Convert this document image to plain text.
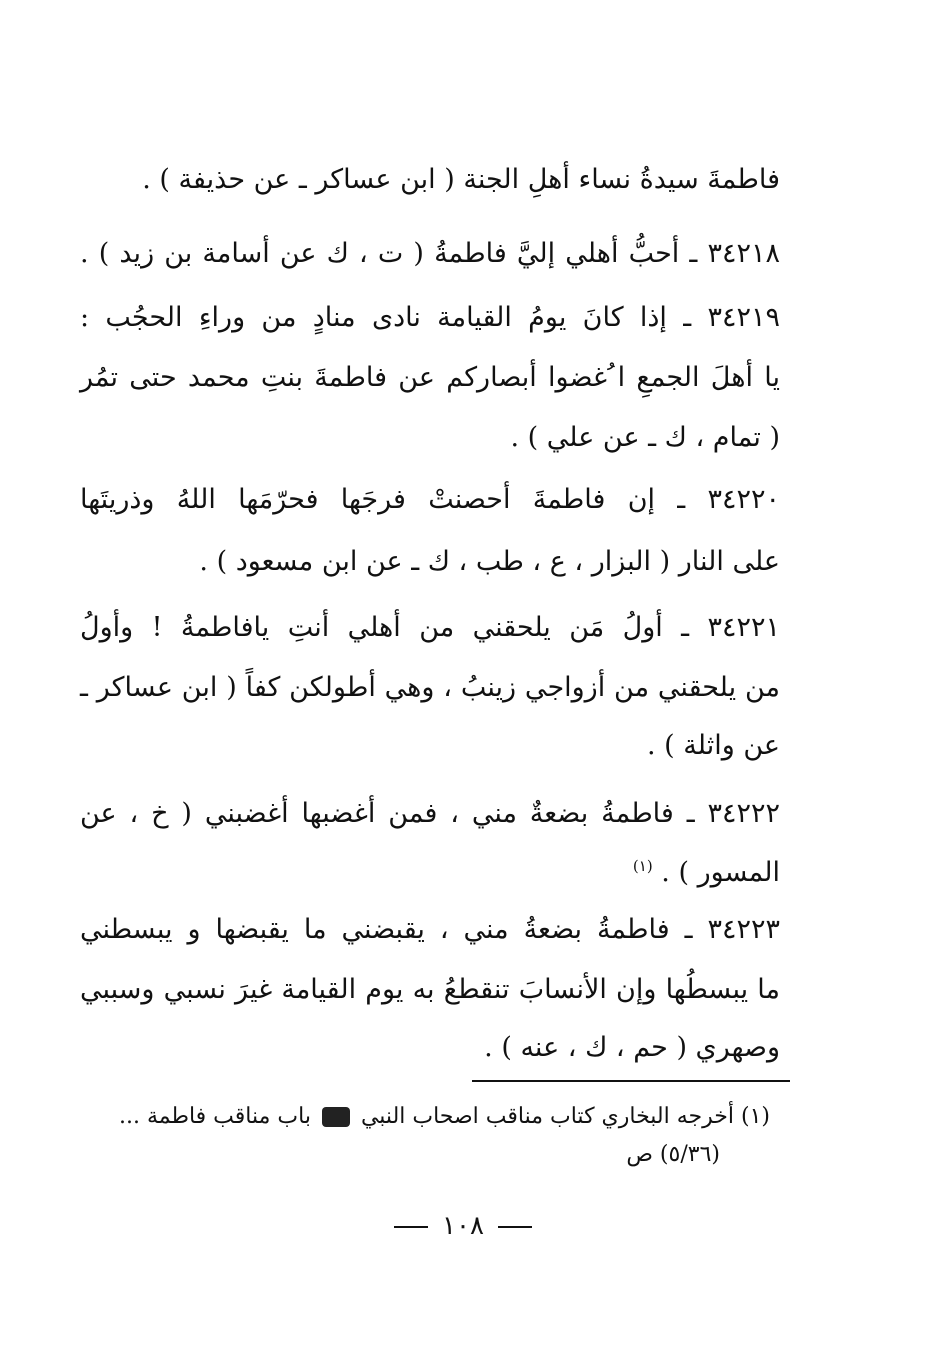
فاطمةَ سيدةُ نساء أهلِ الجنة ( ابن عساكر ـ عن حذيفة ) .
٣٤٢١٨ ـ أحبُّ أهلي إليَّ فاطمةُ ( ت ، ك عن أسامة بن زيد ) .
٣٤٢١٩ ـ إذا كانَ يومُ القيامة نادى منادٍ من وراءِ الحجُب :
يا أهلَ الجمعِ ا ُغضوا أبصاركم عن فاطمةَ بنتِ محمد حتى تمُر
( تمام ، ك ـ عن علي ) .
٣٤٢٢٠ ـ إن فاطمةَ أحصنتْ فرجَها فحرّمَها اللهُ وذريتَها
على النار ( البزار ، ع ، طب ، ك ـ عن ابن مسعود ) .
٣٤٢٢١ ـ أولُ مَن يلحقني من أهلي أنتِ يافاطمةُ ! وأولُ
من يلحقني من أزواجي زينبُ ، وهي أطولكن كفاً ( ابن عساكر ـ
عن واثلة ) .
٣٤٢٢٢ ـ فاطمةُ بضعةٌ مني ، فمن أغضبها أغضبني ( خ ، عن
المسور ) . $^{(١)}$
٣٤٢٢٣ ـ فاطمةُ بضعةُ مني ، يقبضني ما يقبضها و يبسطني
ما يبسطُها وإن الأنسابَ تنقطعُ به يوم القيامة غيرَ نسبي وسببي
وصهري ( حم ، ك ، عنه ) .
(١) أخرجه البخاري كتاب مناقب اصحاب النبي  باب مناقب فاطمة ...
(٥/٣٦) ص
١٠٨
